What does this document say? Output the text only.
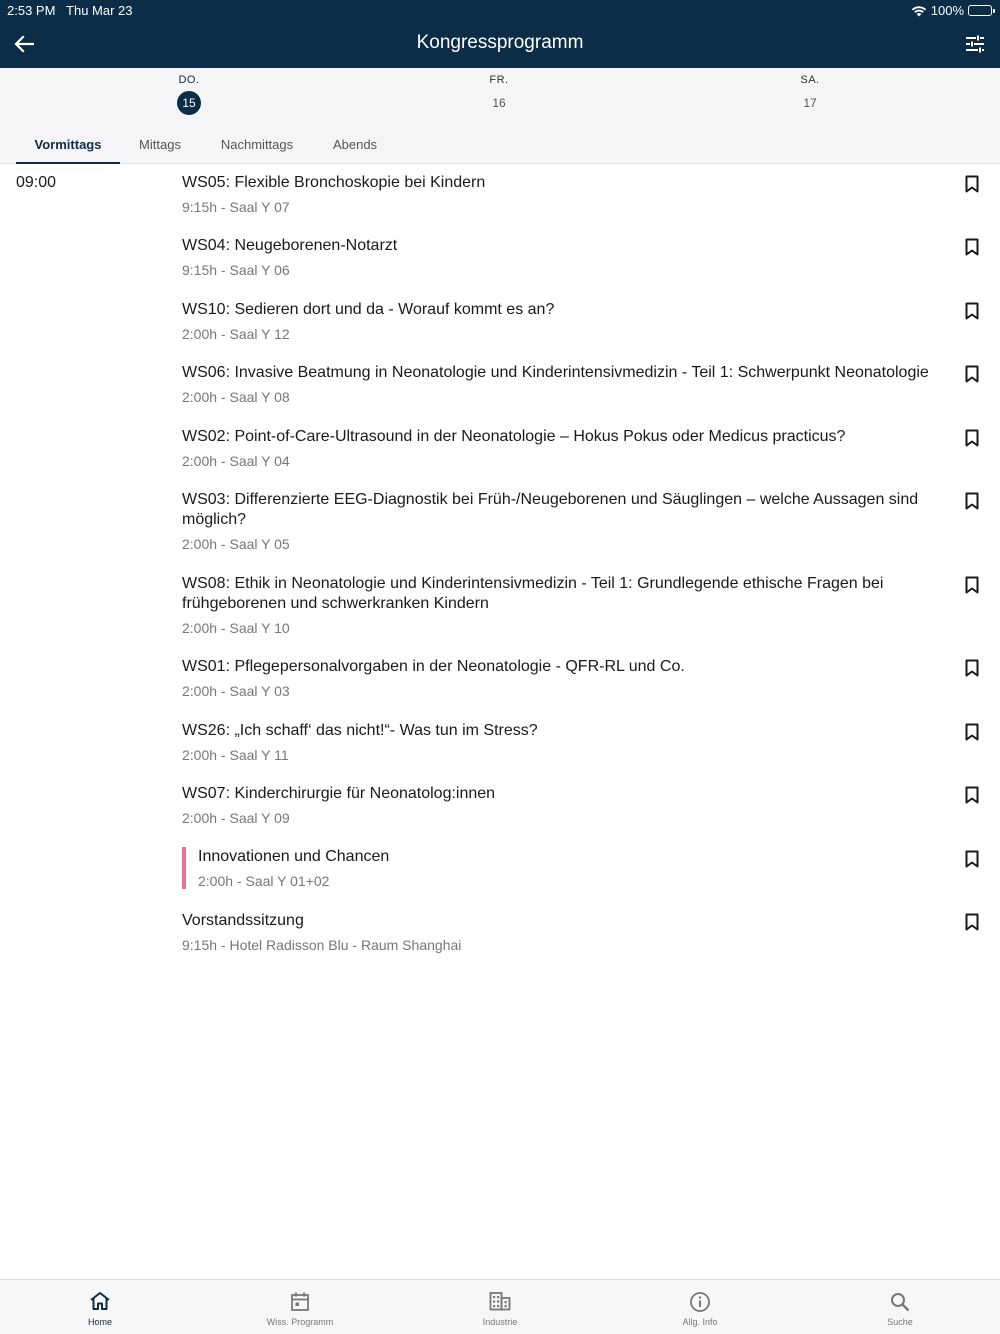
2:53 PM Thu Mar 23	100%
Kongressprogramm
DO.
15
FR.
16
SA.
17
Vormittags	Mittags	Nachmittags	Abends
09:00	WS05: Flexible Bronchoskopie bei Kindern
9:15h - Saal Y 07
WS04: Neugeborenen-Notarzt
9:15h - Saal Y 06
WS10: Sedieren dort und da - Worauf kommt es an?
2:00h - Saal Y 12
WS06: Invasive Beatmung in Neonatologie und Kinderintensivmedizin - Teil 1: Schwerpunkt Neonatologie
2:00h - Saal Y 08
WS02: Point-of-Care-Ultrasound in der Neonatologie – Hokus Pokus oder Medicus practicus?
2:00h - Saal Y 04
WS03: Differenzierte EEG-Diagnostik bei Früh-/Neugeborenen und Säuglingen – welche Aussagen sind möglich?
2:00h - Saal Y 05
WS08: Ethik in Neonatologie und Kinderintensivmedizin - Teil 1: Grundlegende ethische Fragen bei frühgeborenen und schwerkranken Kindern
2:00h - Saal Y 10
WS01: Pflegepersonalvorgaben in der Neonatologie - QFR-RL und Co.
2:00h - Saal Y 03
WS26: „Ich schaff‘ das nicht!“- Was tun im Stress?
2:00h - Saal Y 11
WS07: Kinderchirurgie für Neonatolog:innen
2:00h - Saal Y 09
Innovationen und Chancen
2:00h - Saal Y 01+02
Vorstandssitzung
9:15h - Hotel Radisson Blu - Raum Shanghai
Home	Wiss. Programm	Industrie	Allg. Info	Suche
